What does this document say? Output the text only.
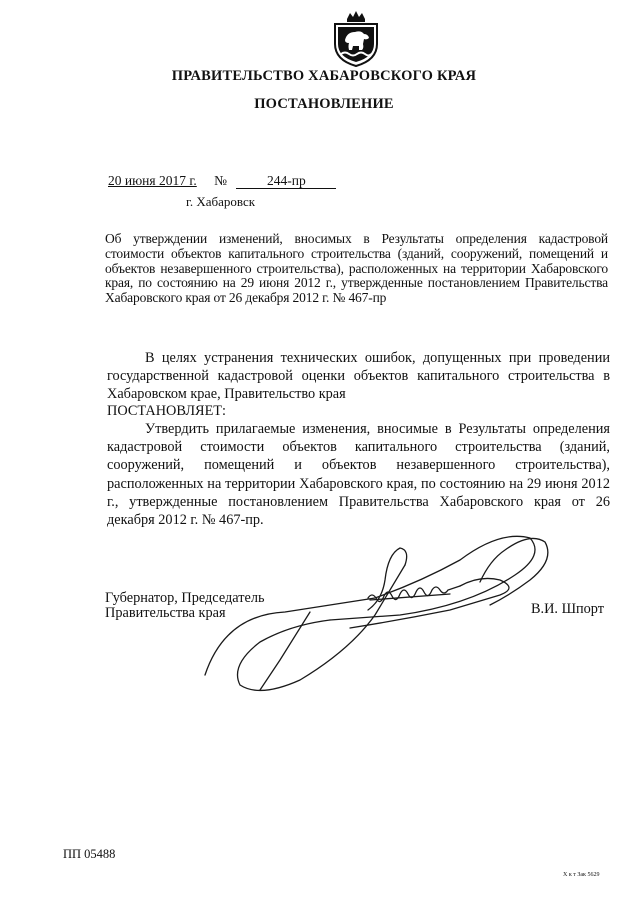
ПРАВИТЕЛЬСТВО ХАБАРОВСКОГО КРАЯ
ПОСТАНОВЛЕНИЕ
20 июня 2017 г. №	244-пр
г. Хабаровск
Об утверждении изменений, вносимых в Результаты определения кадастровой стоимости объектов капитального строительства (зданий, сооружений, помещений и объектов незавершенного строительства), расположенных на территории Хабаровского края, по состоянию на 29 июня 2012 г., утвержденные постановлением Правительства Хабаровского края от 26 декабря 2012 г. № 467-пр
В целях устранения технических ошибок, допущенных при проведении государственной кадастровой оценки объектов капитального строительства в Хабаровском крае, Правительство края
ПОСТАНОВЛЯЕТ:
Утвердить прилагаемые изменения, вносимые в Результаты определения кадастровой стоимости объектов капитального строительства (зданий, сооружений, помещений и объектов незавершенного строительства), расположенных на территории Хабаровского края, по состоянию на 29 июня 2012 г., утвержденные постановлением Правительства Хабаровского края от 26 декабря 2012 г. № 467-пр.
Губернатор, Председатель
Правительства края	В.И. Шпорт
ПП 05488
Х к т Зак 5629
